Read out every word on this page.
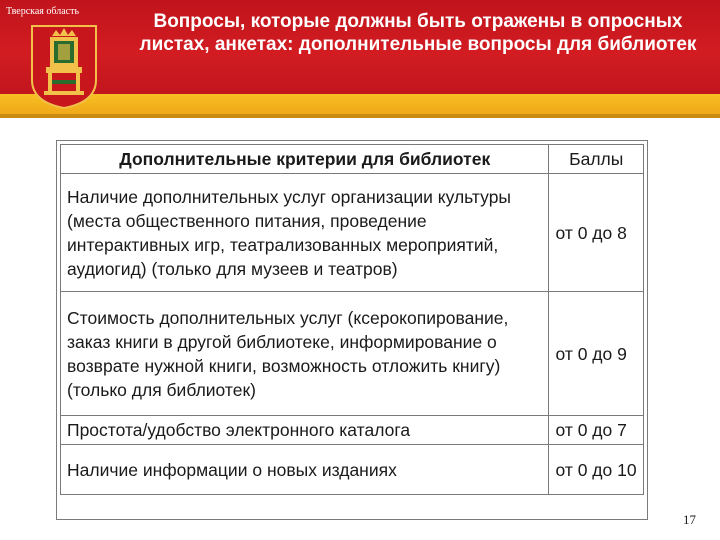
Тверская область	Вопросы, которые должны быть отражены в опросных листах, анкетах: дополнительные вопросы для библиотек
Дополнительные критерии для библиотек	Баллы
Наличие дополнительных услуг организации культуры (места общественного питания, проведение интерактивных игр, театрализованных мероприятий, аудиогид) (только для музеев и театров)	от 0 до 8
Стоимость дополнительных услуг (ксерокопирование, заказ книги в другой библиотеке, информирование о возврате нужной книги, возможность отложить книгу) (только для библиотек)	от 0 до 9
Простота/удобство электронного каталога	от 0 до 7
Наличие информации о новых изданиях	от 0 до 10
17
